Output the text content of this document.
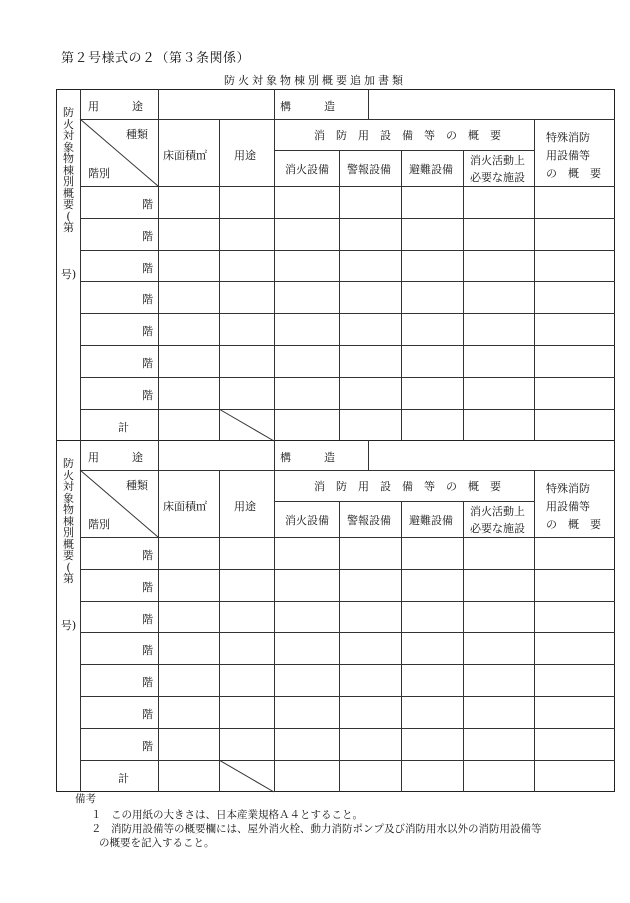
第２号様式の２（第３条関係）
防火対象物棟別概要追加書類
防
火
対
象
物
棟
別
概
要
(
第
号)
用　　　途	構　　　造
種類
階別
床面積㎡ 用途
消　防　用　設　備　等　の　概　要
消火設備 警報設備 避難設備
消火活動上
必要な施設
特殊消防
用設備等
の　概　要
階
階
階
階
階
階
階
計
防
火
対
象
物
棟
別
概
要
(
第
号)
用　　　途	構　　　造
種類
階別
床面積㎡ 用途
消　防　用　設　備　等　の　概　要
消火設備 警報設備 避難設備
消火活動上
必要な施設
特殊消防
用設備等
の　概　要
階
階
階
階
階
階
階
計
備考
１ この用紙の大きさは、日本産業規格Ａ４とすること。
２ 消防用設備等の概要欄には、屋外消火栓、動力消防ポンプ及び消防用水以外の消防用設備等
の概要を記入すること。
